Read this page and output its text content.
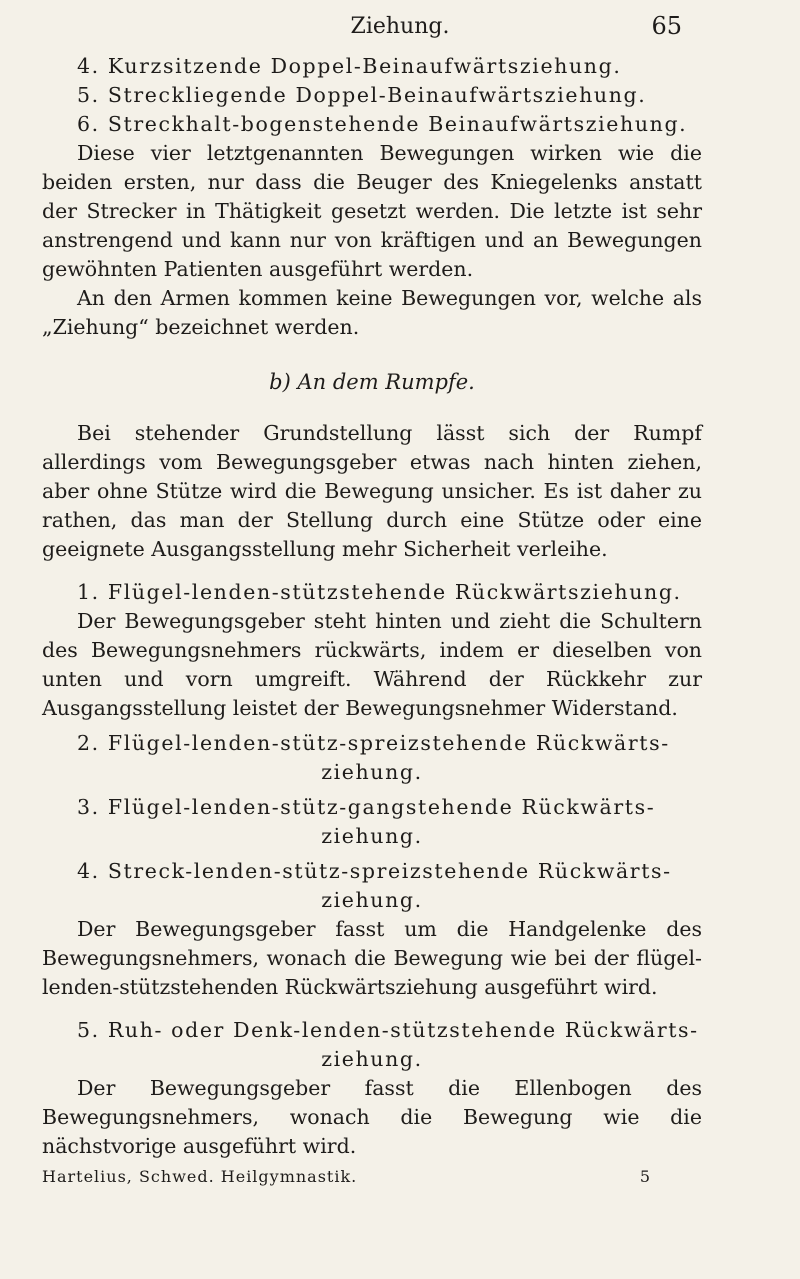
Ziehung.	65

4. Kurzsitzende Doppel-Beinaufwärtsziehung.

5. Streckliegende Doppel-Beinaufwärtsziehung.

6. Streckhalt-bogenstehende Beinaufwärtsziehung.

Diese vier letztgenannten Bewegungen wirken wie die beiden ersten, nur dass die Beuger des Kniegelenks anstatt der Strecker in Thätigkeit gesetzt werden. Die letzte ist sehr anstrengend und kann nur von kräftigen und an Bewegungen gewöhnten Patienten ausgeführt werden.

An den Armen kommen keine Bewegungen vor, welche als „Ziehung“ bezeichnet werden.

b) An dem Rumpfe.

Bei stehender Grundstellung lässt sich der Rumpf allerdings vom Bewegungsgeber etwas nach hinten ziehen, aber ohne Stütze wird die Bewegung unsicher. Es ist daher zu rathen, das man der Stellung durch eine Stütze oder eine geeignete Ausgangsstellung mehr Sicherheit verleihe.

1. Flügel-lenden-stützstehende Rückwärtsziehung.

Der Bewegungsgeber steht hinten und zieht die Schultern des Bewegungsnehmers rückwärts, indem er dieselben von unten und vorn umgreift. Während der Rückkehr zur Ausgangsstellung leistet der Bewegungsnehmer Widerstand.

2. Flügel-lenden-stütz-spreizstehende Rückwärts-

ziehung.

3. Flügel-lenden-stütz-gangstehende Rückwärts-

ziehung.

4. Streck-lenden-stütz-spreizstehende Rückwärts-

ziehung.

Der Bewegungsgeber fasst um die Handgelenke des Bewegungsnehmers, wonach die Bewegung wie bei der flügel-lenden-stützstehenden Rückwärtsziehung ausgeführt wird.

5. Ruh- oder Denk-lenden-stützstehende Rückwärts-

ziehung.

Der Bewegungsgeber fasst die Ellenbogen des Bewegungsnehmers, wonach die Bewegung wie die nächstvorige ausgeführt wird.

Hartelius, Schwed. Heilgymnastik.	5
